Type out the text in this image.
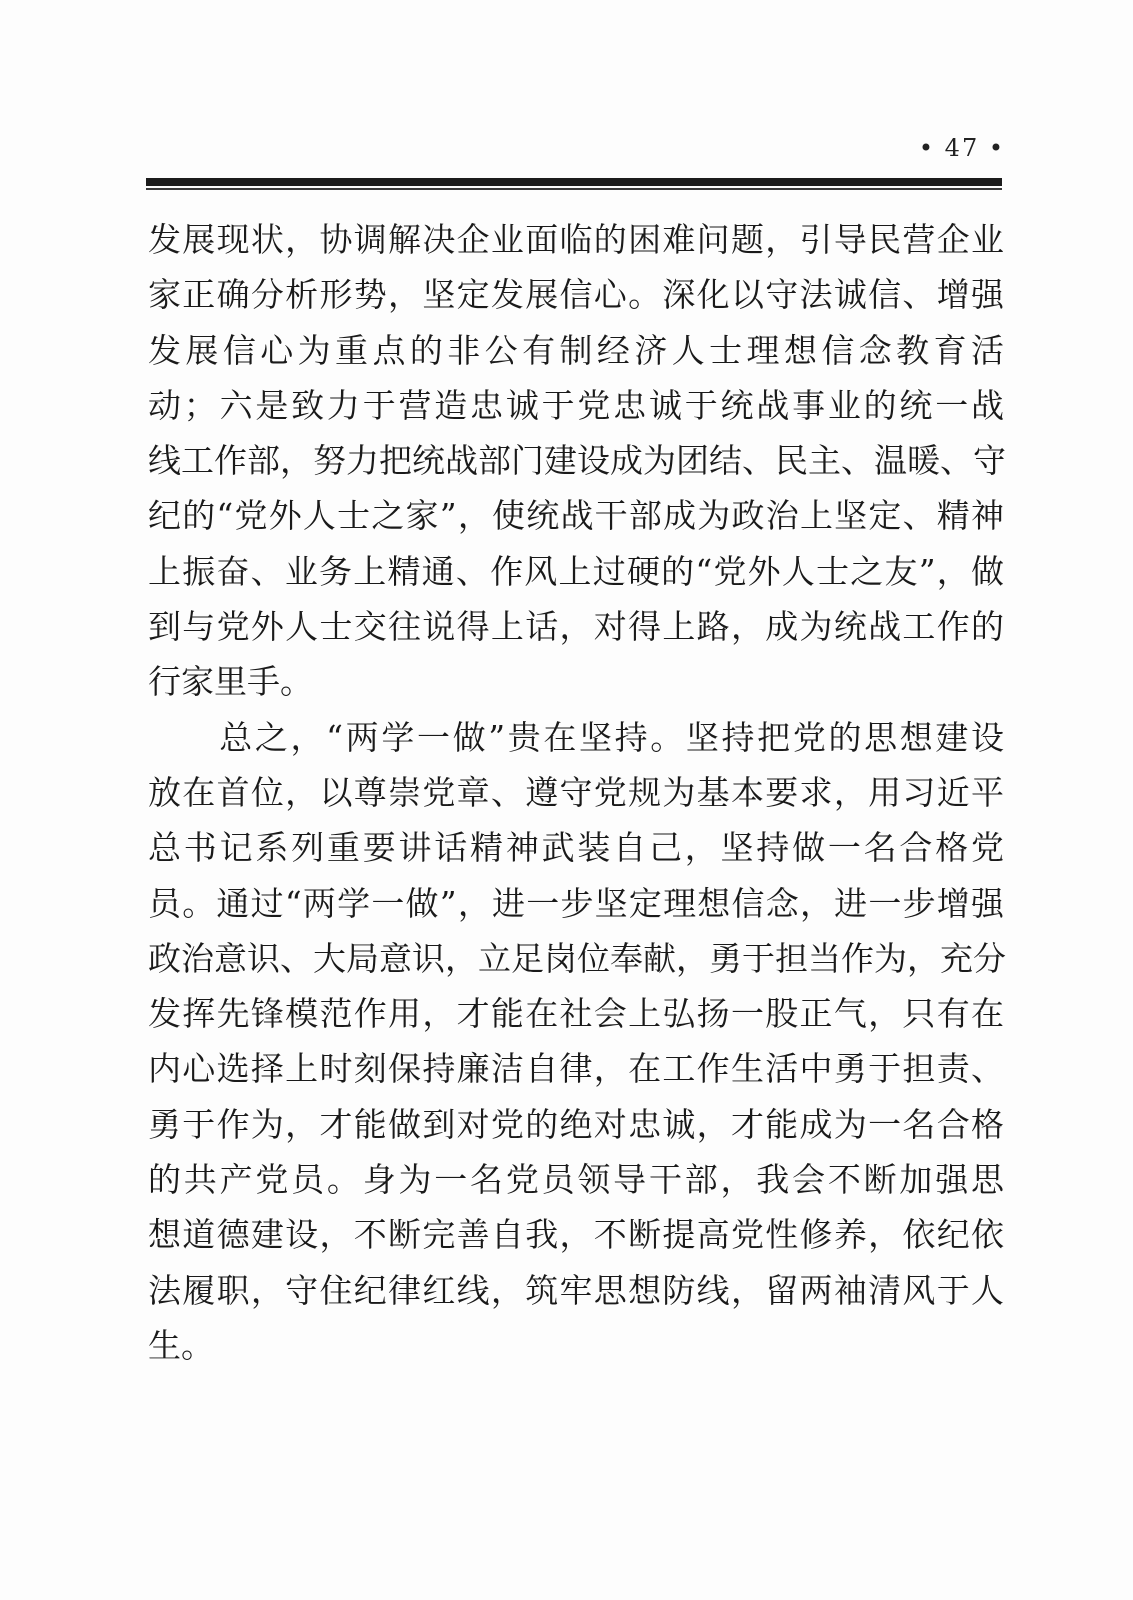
• 47 •
发展现状，协调解决企业面临的困难问题，引导民营企业
家正确分析形势，坚定发展信心。深化以守法诚信、增强
发展信心为重点的非公有制经济人士理想信念教育活
动；六是致力于营造忠诚于党忠诚于统战事业的统一战
线工作部，努力把统战部门建设成为团结、民主、温暖、守
纪的“党外人士之家”，使统战干部成为政治上坚定、精神
上振奋、业务上精通、作风上过硬的“党外人士之友”，做
到与党外人士交往说得上话，对得上路，成为统战工作的
行家里手。
　　总之，“两学一做”贵在坚持。坚持把党的思想建设
放在首位，以尊崇党章、遵守党规为基本要求，用习近平
总书记系列重要讲话精神武装自己，坚持做一名合格党
员。通过“两学一做”，进一步坚定理想信念，进一步增强
政治意识、大局意识，立足岗位奉献，勇于担当作为，充分
发挥先锋模范作用，才能在社会上弘扬一股正气，只有在
内心选择上时刻保持廉洁自律，在工作生活中勇于担责、
勇于作为，才能做到对党的绝对忠诚，才能成为一名合格
的共产党员。身为一名党员领导干部，我会不断加强思
想道德建设，不断完善自我，不断提高党性修养，依纪依
法履职，守住纪律红线，筑牢思想防线，留两袖清风于人
生。
